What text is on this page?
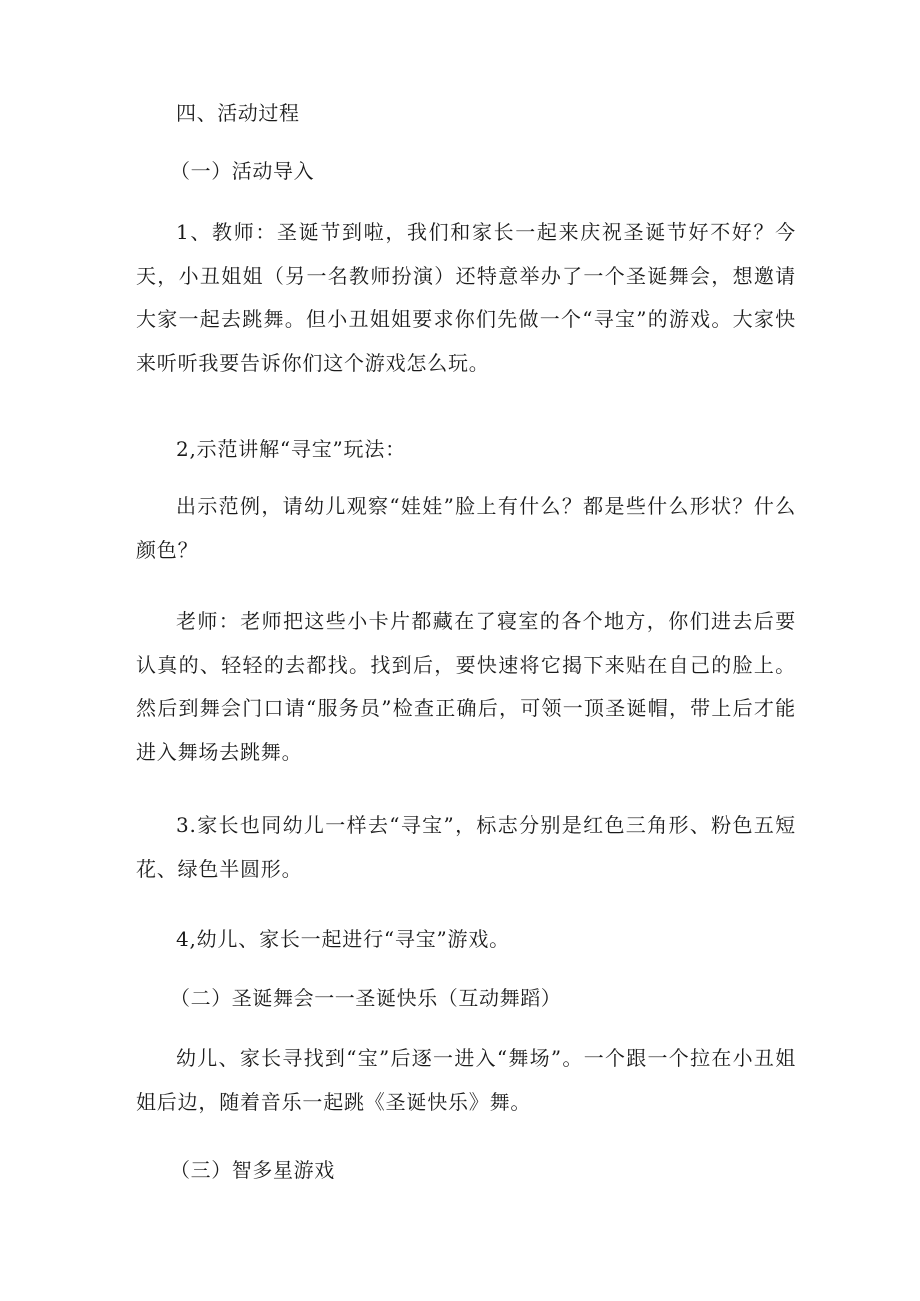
四、活动过程
（一）活动导入
1、教师：圣诞节到啦，我们和家长一起来庆祝圣诞节好不好？今天，小丑姐姐（另一名教师扮演）还特意举办了一个圣诞舞会，想邀请大家一起去跳舞。但小丑姐姐要求你们先做一个“寻宝”的游戏。大家快来听听我要告诉你们这个游戏怎么玩。
2,示范讲解“寻宝”玩法：
出示范例，请幼儿观察“娃娃”脸上有什么？都是些什么形状？什么颜色？
老师：老师把这些小卡片都藏在了寝室的各个地方，你们进去后要认真的、轻轻的去都找。找到后，要快速将它揭下来贴在自己的脸上。然后到舞会门口请“服务员”检查正确后，可领一顶圣诞帽，带上后才能进入舞场去跳舞。
3.家长也同幼儿一样去“寻宝”，标志分别是红色三角形、粉色五短花、绿色半圆形。
4,幼儿、家长一起进行“寻宝”游戏。
（二）圣诞舞会一一圣诞快乐（互动舞蹈）
幼儿、家长寻找到“宝”后逐一进入“舞场”。一个跟一个拉在小丑姐姐后边，随着音乐一起跳《圣诞快乐》舞。
（三）智多星游戏
